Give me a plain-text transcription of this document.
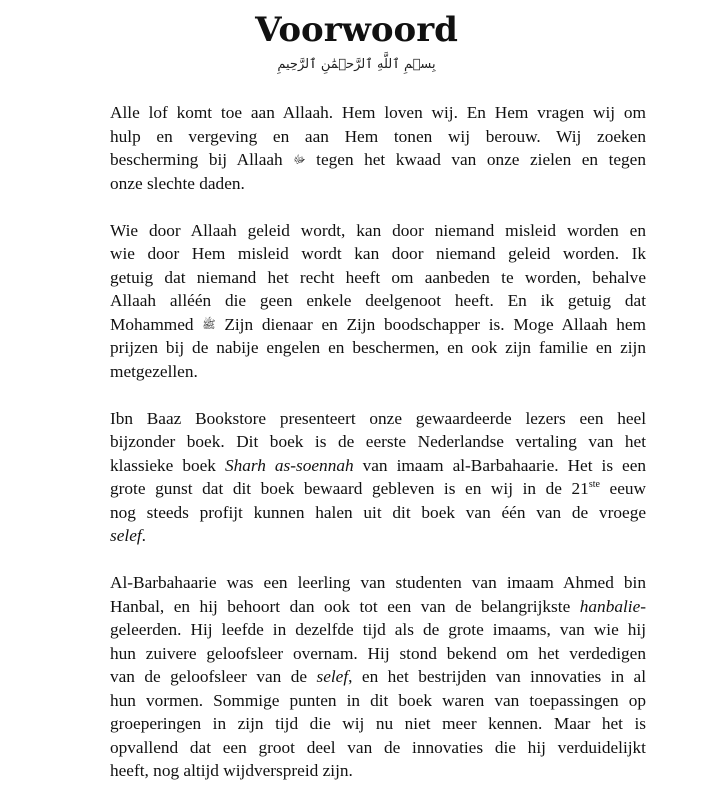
Voorwoord
بِسۡمِ ٱللَّهِ ٱلرَّحۡمَٰنِ ٱلرَّحِيمِ
Alle lof komt toe aan Allaah. Hem loven wij. En Hem vragen wij om
hulp en vergeving en aan Hem tonen wij berouw. Wij zoeken
bescherming bij Allaah ﷻ tegen het kwaad van onze zielen en tegen
onze slechte daden.
Wie door Allaah geleid wordt, kan door niemand misleid worden en
wie door Hem misleid wordt kan door niemand geleid worden. Ik
getuig dat niemand het recht heeft om aanbeden te worden, behalve
Allaah alléén die geen enkele deelgenoot heeft. En ik getuig dat
Mohammed ﷺ Zijn dienaar en Zijn boodschapper is. Moge Allaah hem
prijzen bij de nabije engelen en beschermen, en ook zijn familie en zijn
metgezellen.
Ibn Baaz Bookstore presenteert onze gewaardeerde lezers een heel
bijzonder boek. Dit boek is de eerste Nederlandse vertaling van het
klassieke boek Sharh as-soennah van imaam al-Barbahaarie. Het is een
grote gunst dat dit boek bewaard gebleven is en wij in de 21ste eeuw
nog steeds profijt kunnen halen uit dit boek van één van de vroege
selef.
Al-Barbahaarie was een leerling van studenten van imaam Ahmed bin
Hanbal, en hij behoort dan ook tot een van de belangrijkste hanbalie-
geleerden. Hij leefde in dezelfde tijd als de grote imaams, van wie hij
hun zuivere geloofsleer overnam. Hij stond bekend om het verdedigen
van de geloofsleer van de selef, en het bestrijden van innovaties in al
hun vormen. Sommige punten in dit boek waren van toepassingen op
groeperingen in zijn tijd die wij nu niet meer kennen. Maar het is
opvallend dat een groot deel van de innovaties die hij verduidelijkt
heeft, nog altijd wijdverspreid zijn.
